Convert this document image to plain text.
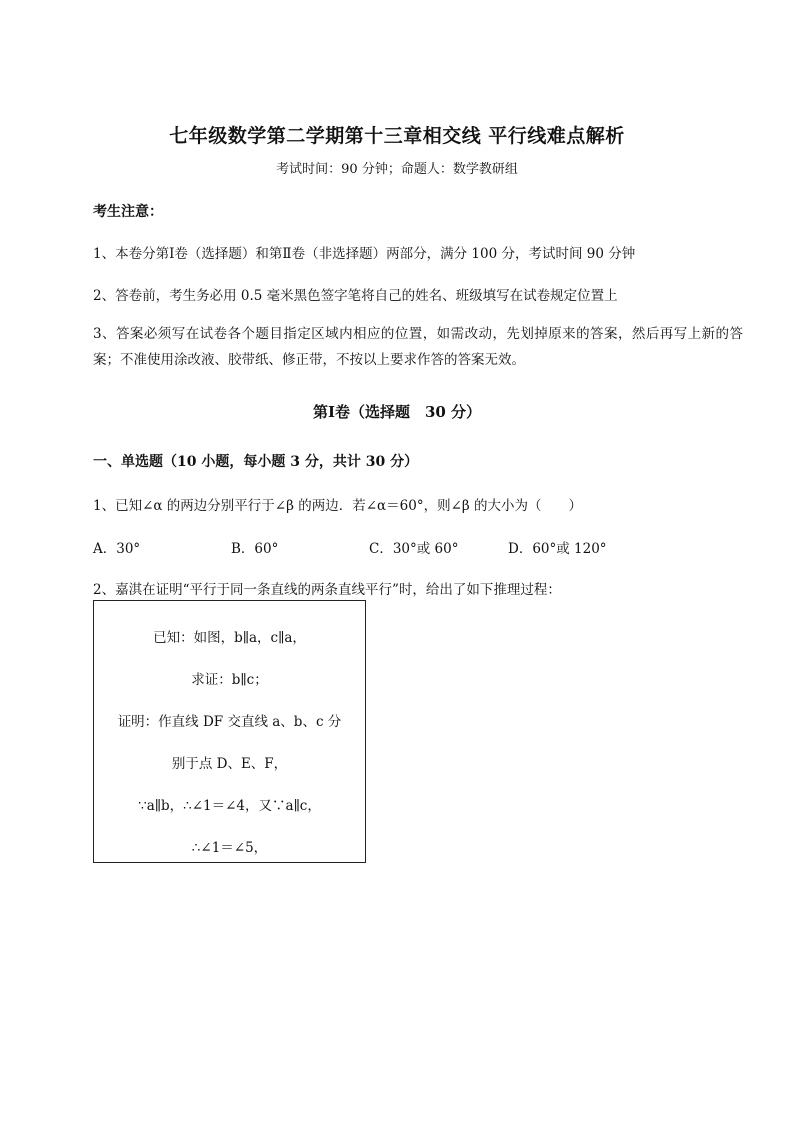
七年级数学第二学期第十三章相交线 平行线难点解析
考试时间：90 分钟；命题人：数学教研组
考生注意：
1、本卷分第Ⅰ卷（选择题）和第Ⅱ卷（非选择题）两部分，满分 100 分，考试时间 90 分钟
2、答卷前，考生务必用 0.5 毫米黑色签字笔将自己的姓名、班级填写在试卷规定位置上
3、答案必须写在试卷各个题目指定区域内相应的位置，如需改动，先划掉原来的答案，然后再写上新的答案；不准使用涂改液、胶带纸、修正带，不按以上要求作答的答案无效。
第Ⅰ卷（选择题　30 分）
一、单选题（10 小题，每小题 3 分，共计 30 分）
1、已知∠α 的两边分别平行于∠β 的两边．若∠α＝60°，则∠β 的大小为（　　）
A．30°	B．60°	C．30°或 60°	D．60°或 120°
2、嘉淇在证明“平行于同一条直线的两条直线平行”时，给出了如下推理过程：
已知：如图，b∥a，c∥a，
求证：b∥c；
证明：作直线 DF 交直线 a、b、c 分
别于点 D、E、F，
∵a∥b，∴∠1＝∠4，又∵a∥c，
∴∠1＝∠5，
